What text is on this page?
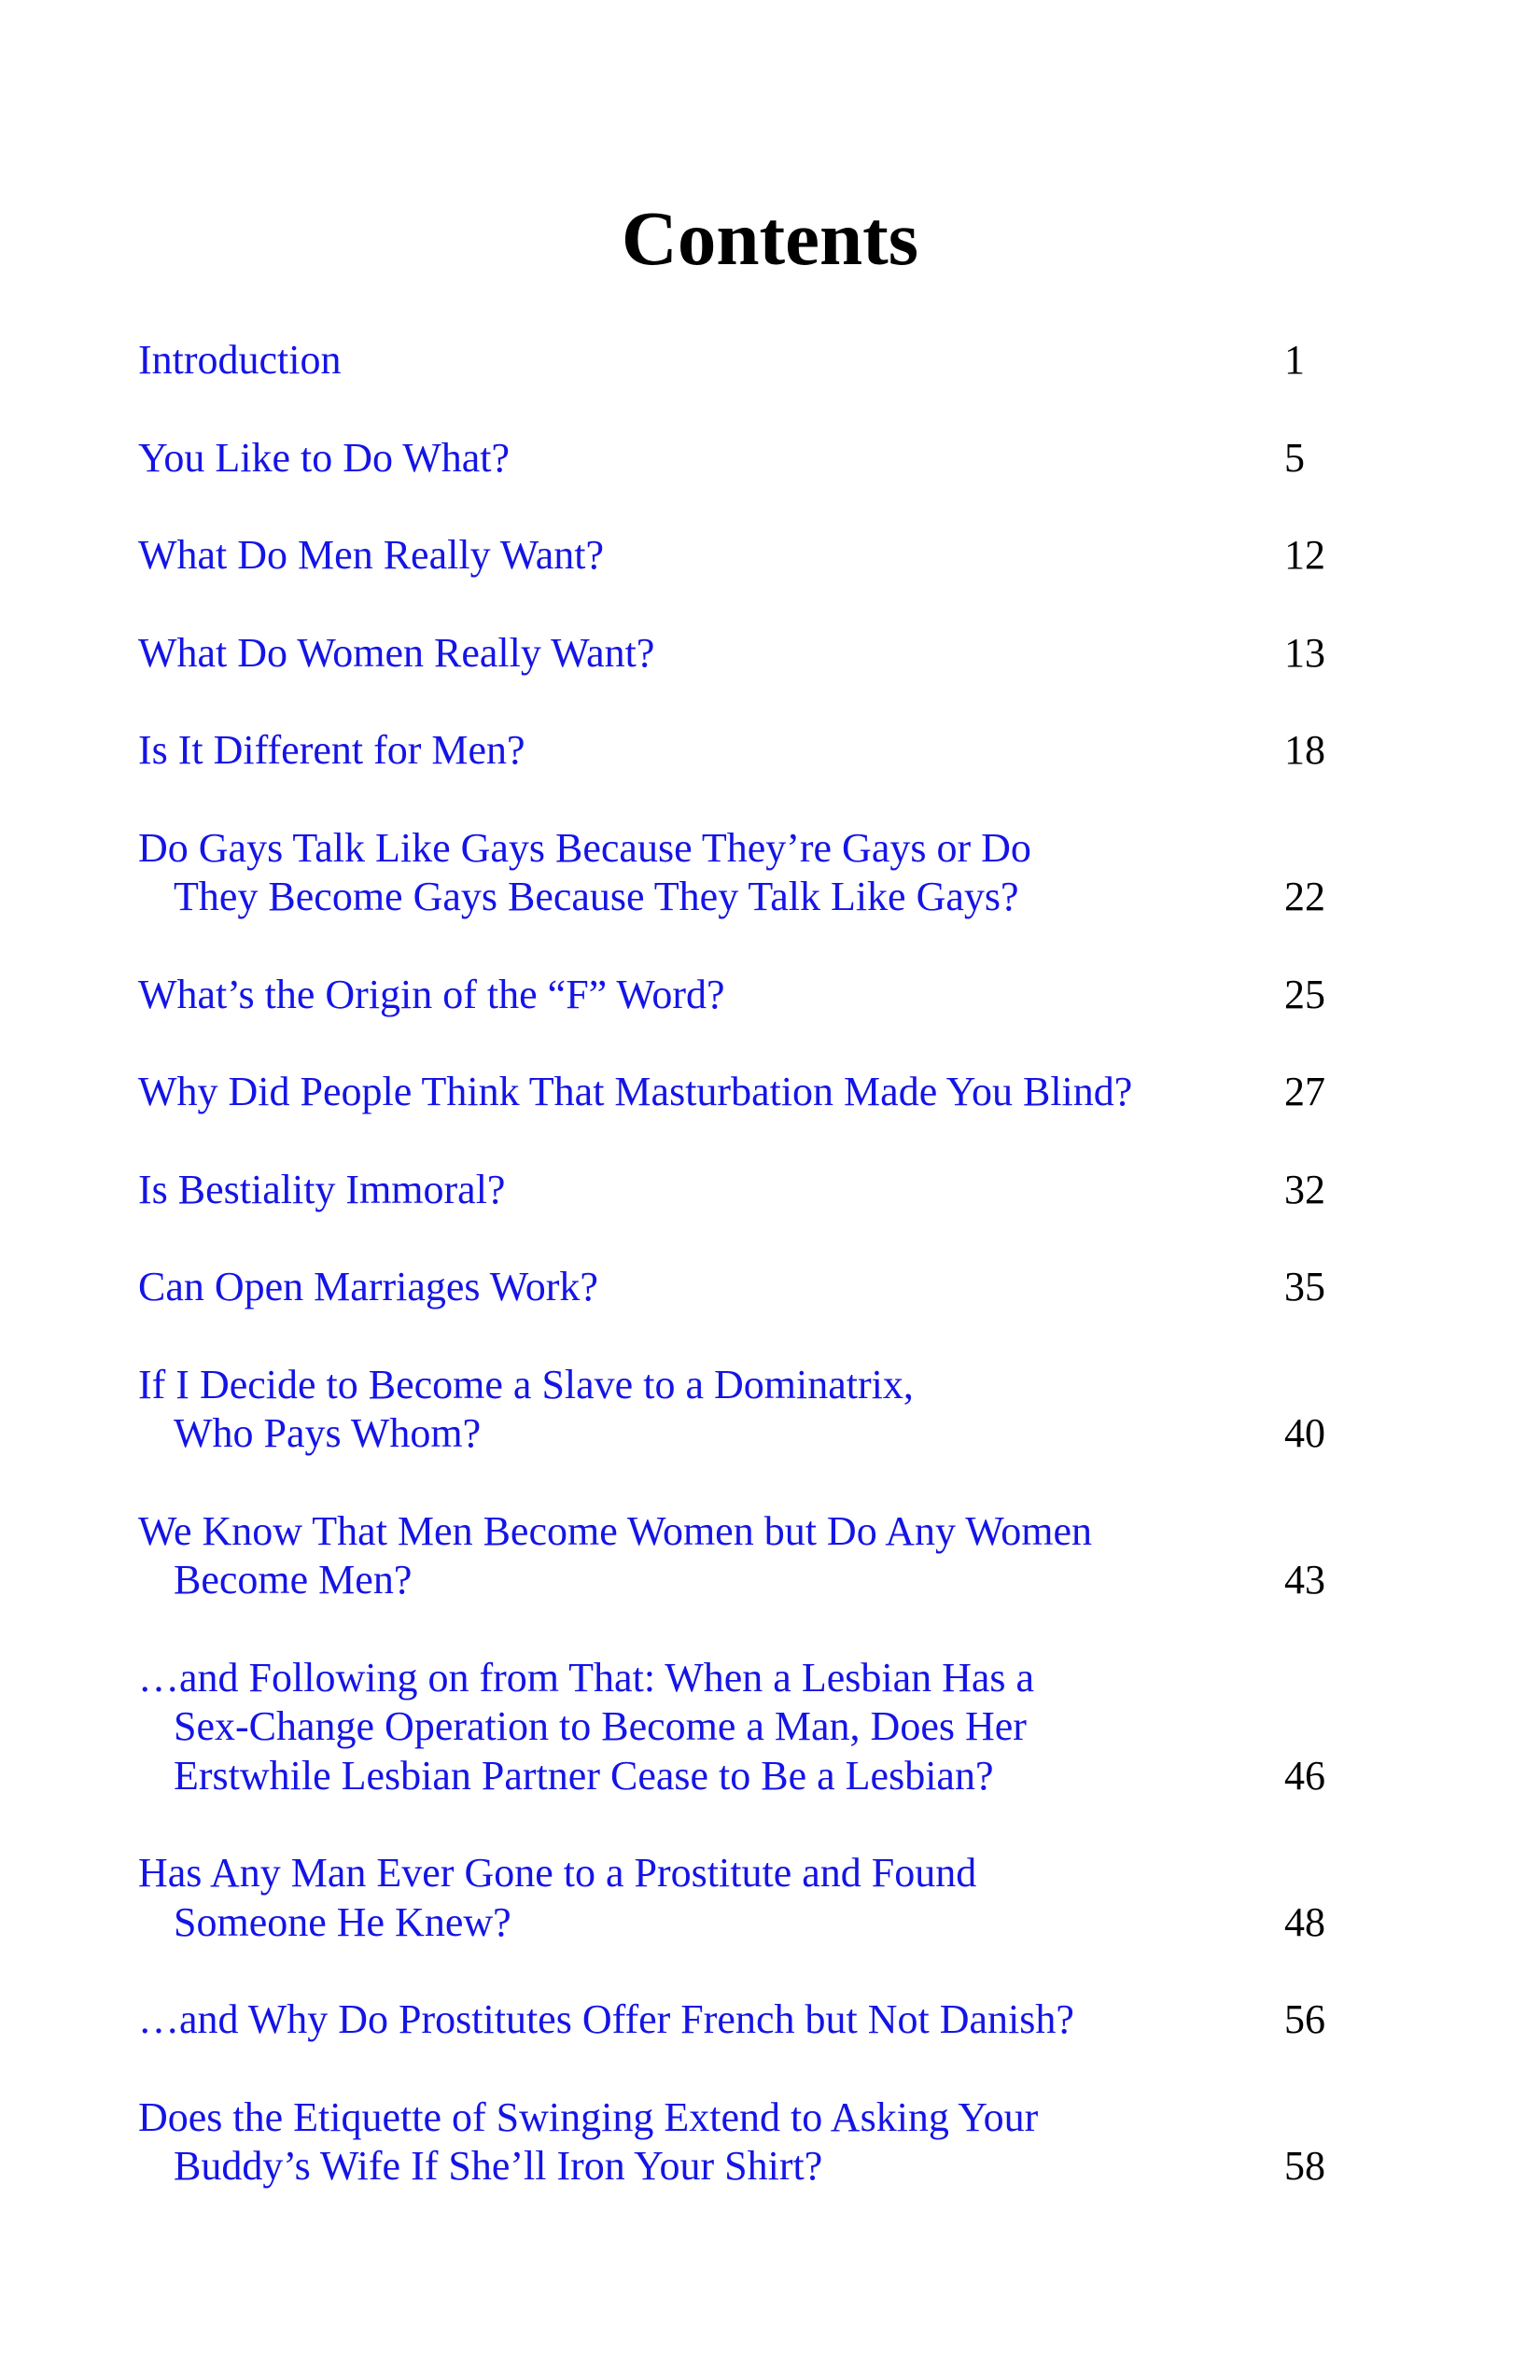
Contents
Introduction	1
You Like to Do What?	5
What Do Men Really Want?	12
What Do Women Really Want?	13
Is It Different for Men?	18
Do Gays Talk Like Gays Because They’re Gays or Do
They Become Gays Because They Talk Like Gays?	22
What’s the Origin of the “F” Word?	25
Why Did People Think That Masturbation Made You Blind?	27
Is Bestiality Immoral?	32
Can Open Marriages Work?	35
If I Decide to Become a Slave to a Dominatrix,
Who Pays Whom?	40
We Know That Men Become Women but Do Any Women
Become Men?	43
…and Following on from That: When a Lesbian Has a
Sex-Change Operation to Become a Man, Does Her
Erstwhile Lesbian Partner Cease to Be a Lesbian?	46
Has Any Man Ever Gone to a Prostitute and Found
Someone He Knew?	48
…and Why Do Prostitutes Offer French but Not Danish?	56
Does the Etiquette of Swinging Extend to Asking Your
Buddy’s Wife If She’ll Iron Your Shirt?	58
